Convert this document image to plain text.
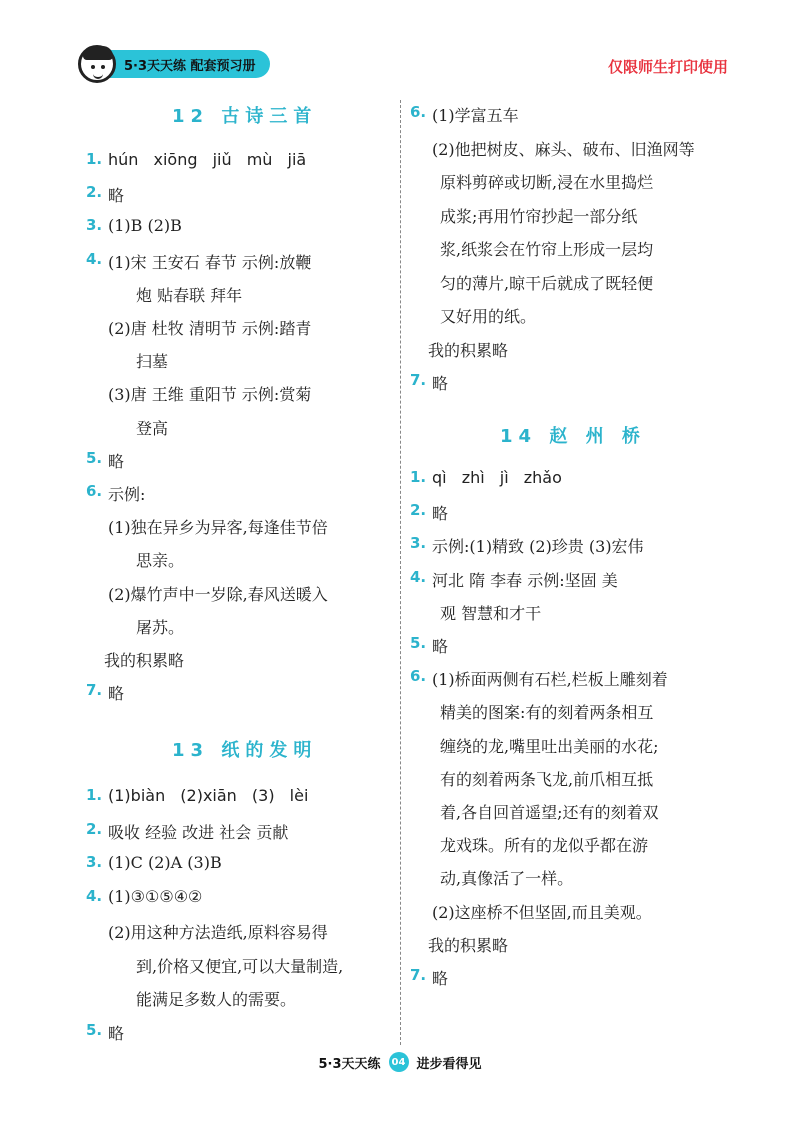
5·3天天练 配套预习册	仅限师生打印使用
12 古诗三首
1. hún xiōng jiǔ mù jiā
2. 略
3. (1)B (2)B
4. (1)宋 王安石 春节 示例:放鞭
炮 贴春联 拜年
(2)唐 杜牧 清明节 示例:踏青
扫墓
(3)唐 王维 重阳节 示例:赏菊
登高
5. 略
6. 示例:
(1)独在异乡为异客,每逢佳节倍
思亲。
(2)爆竹声中一岁除,春风送暖入
屠苏。
我的积累略
7. 略
13 纸的发明
1. (1)biàn (2)xiān (3) lèi
2. 吸收 经验 改进 社会 贡献
3. (1)C (2)A (3)B
4. (1)③①⑤④②
(2)用这种方法造纸,原料容易得
到,价格又便宜,可以大量制造,
能满足多数人的需要。
5. 略
6. (1)学富五车
(2)他把树皮、麻头、破布、旧渔网等
原料剪碎或切断,浸在水里捣烂
成浆;再用竹帘抄起一部分纸
浆,纸浆会在竹帘上形成一层均
匀的薄片,晾干后就成了既轻便
又好用的纸。
我的积累略
7. 略
14 赵 州 桥
1. qì zhì jì zhǎo
2. 略
3. 示例:(1)精致 (2)珍贵 (3)宏伟
4. 河北 隋 李春 示例:坚固 美
观 智慧和才干
5. 略
6. (1)桥面两侧有石栏,栏板上雕刻着
精美的图案:有的刻着两条相互
缠绕的龙,嘴里吐出美丽的水花;
有的刻着两条飞龙,前爪相互抵
着,各自回首遥望;还有的刻着双
龙戏珠。所有的龙似乎都在游
动,真像活了一样。
(2)这座桥不但坚固,而且美观。
我的积累略
7. 略
5·3天天练	04 进步看得见
